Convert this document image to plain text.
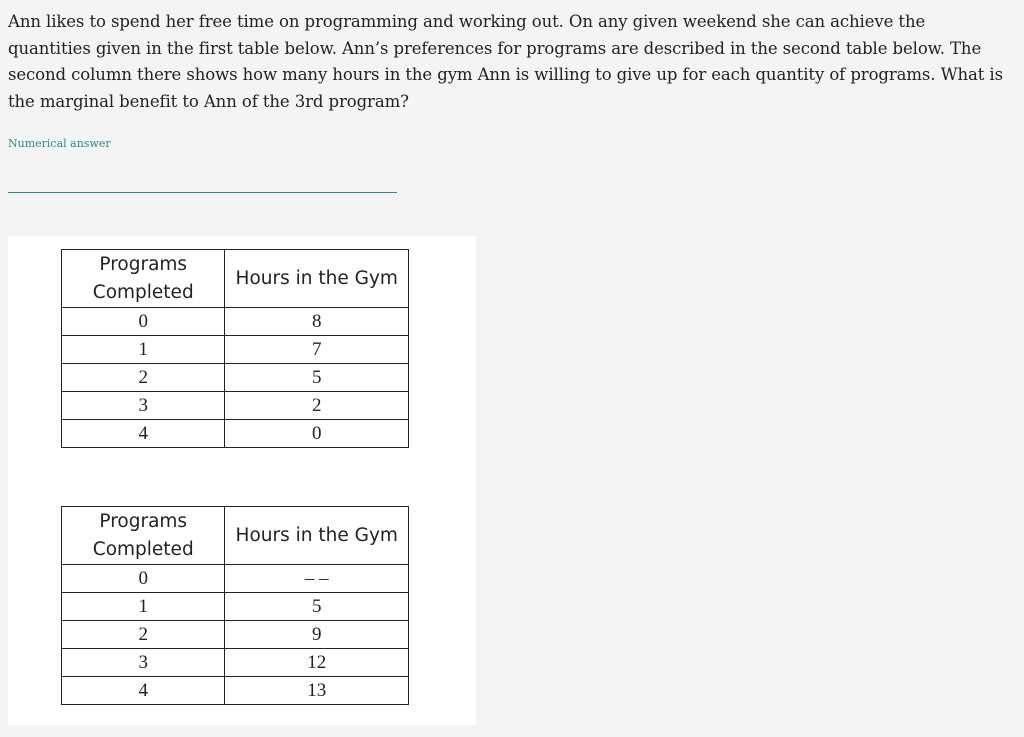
Ann likes to spend her free time on programming and working out. On any given weekend she can achieve the quantities given in the first table below. Ann’s preferences for programs are described in the second table below. The second column there shows how many hours in the gym Ann is willing to give up for each quantity of programs. What is the marginal benefit to Ann of the 3rd program?

Numerical answer

Programs Completed	Hours in the Gym
0	8
1	7
2	5
3	2
4	0
Programs Completed	Hours in the Gym
0	– –
1	5
2	9
3	12
4	13
